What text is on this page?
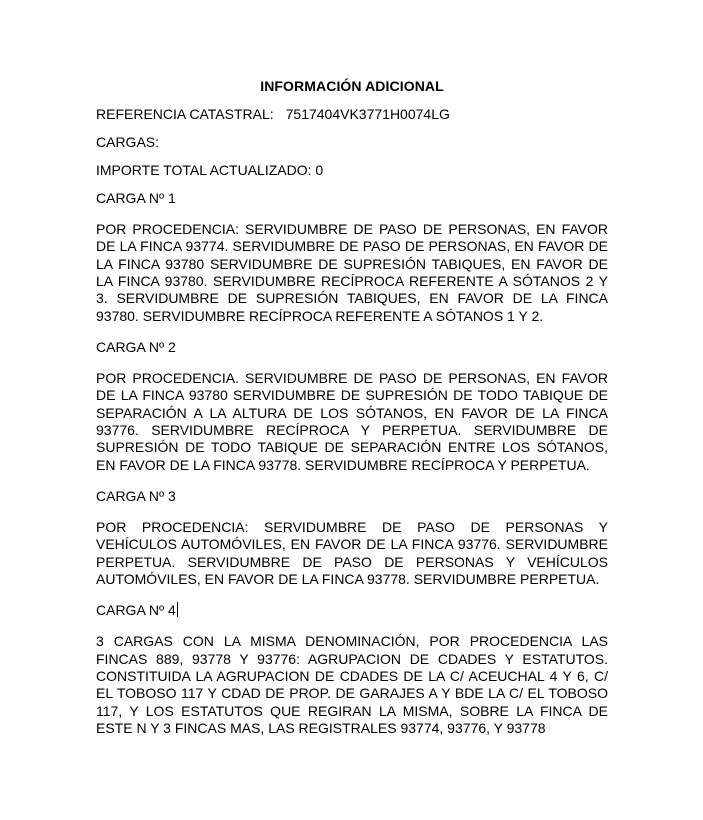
INFORMACIÓN ADICIONAL

REFERENCIA CATASTRAL: 7517404VK3771H0074LG

CARGAS:

IMPORTE TOTAL ACTUALIZADO: 0

CARGA Nº 1

POR PROCEDENCIA: SERVIDUMBRE DE PASO DE PERSONAS, EN FAVOR DE LA FINCA 93774. SERVIDUMBRE DE PASO DE PERSONAS, EN FAVOR DE LA FINCA 93780 SERVIDUMBRE DE SUPRESIÓN TABIQUES, EN FAVOR DE LA FINCA 93780. SERVIDUMBRE RECÍPROCA REFERENTE A SÓTANOS 2 Y 3. SERVIDUMBRE DE SUPRESIÓN TABIQUES, EN FAVOR DE LA FINCA 93780. SERVIDUMBRE RECÍPROCA REFERENTE A SÓTANOS 1 Y 2.

CARGA Nº 2

POR PROCEDENCIA. SERVIDUMBRE DE PASO DE PERSONAS, EN FAVOR DE LA FINCA 93780 SERVIDUMBRE DE SUPRESIÓN DE TODO TABIQUE DE SEPARACIÓN A LA ALTURA DE LOS SÓTANOS, EN FAVOR DE LA FINCA 93776. SERVIDUMBRE RECÍPROCA Y PERPETUA. SERVIDUMBRE DE SUPRESIÓN DE TODO TABIQUE DE SEPARACIÓN ENTRE LOS SÓTANOS, EN FAVOR DE LA FINCA 93778. SERVIDUMBRE RECÍPROCA Y PERPETUA.

CARGA Nº 3

POR PROCEDENCIA: SERVIDUMBRE DE PASO DE PERSONAS Y VEHÍCULOS AUTOMÓVILES, EN FAVOR DE LA FINCA 93776. SERVIDUMBRE PERPETUA. SERVIDUMBRE DE PASO DE PERSONAS Y VEHÍCULOS AUTOMÓVILES, EN FAVOR DE LA FINCA 93778. SERVIDUMBRE PERPETUA.

CARGA Nº 4

3 CARGAS CON LA MISMA DENOMINACIÓN, POR PROCEDENCIA LAS FINCAS 889, 93778 Y 93776: AGRUPACION DE CDADES Y ESTATUTOS. CONSTITUIDA LA AGRUPACION DE CDADES DE LA C/ ACEUCHAL 4 Y 6, C/ EL TOBOSO 117 Y CDAD DE PROP. DE GARAJES A Y BDE LA C/ EL TOBOSO 117, Y LOS ESTATUTOS QUE REGIRAN LA MISMA, SOBRE LA FINCA DE ESTE N Y 3 FINCAS MAS, LAS REGISTRALES 93774, 93776, Y 93778
